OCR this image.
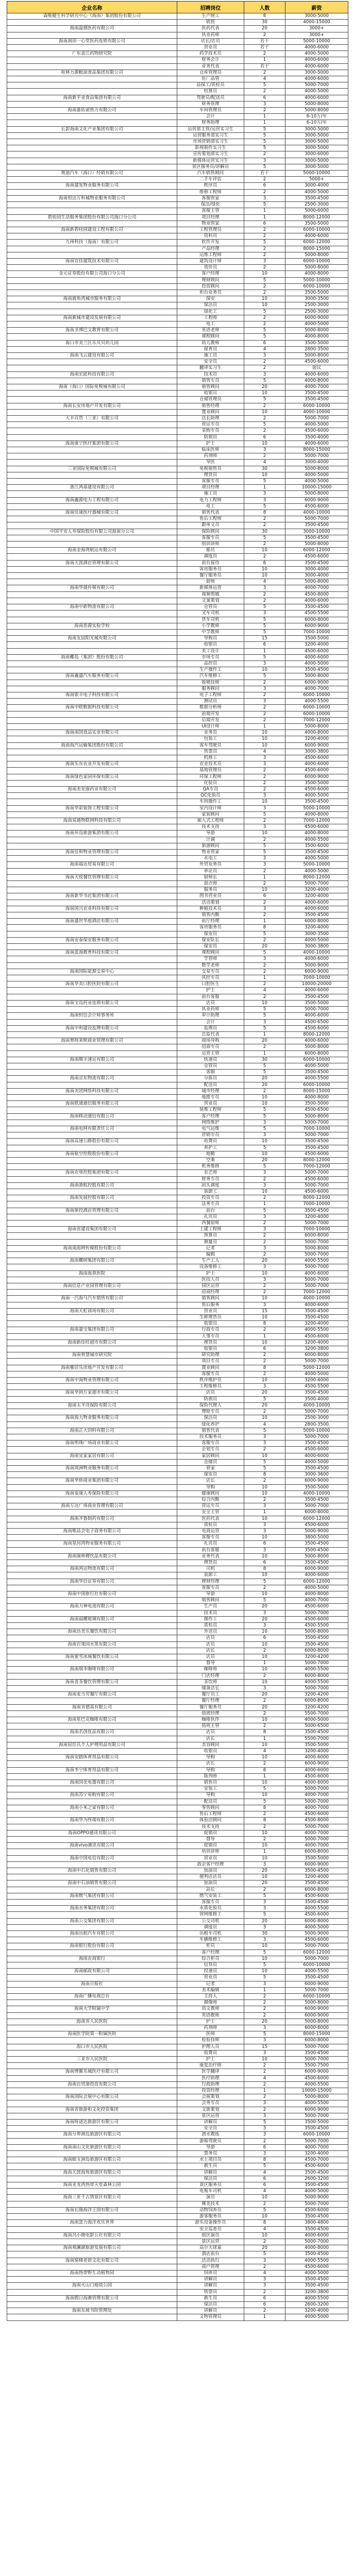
企业名称	招聘岗位	人数	薪资
森唯健生科学研究中心（海南）集团股份有限公司	生产统工	8	3000-5000
	销售	30	4000-15000
海南温德医药有限公司	医药代表	20	3000+
	执业药师	2	3000+
海南润田一心堂医药连锁有限公司	店长/店员	若干	5000-10000
	营业员	若干	4000-6000
广东喜江药物研究院	药学技术员	2	4000-5000
	财务会计	1	4000-6000
	业务代表	若干	4000-6000
桂林力源粮油食品集团有限公司	仓库管理员	2	3000-5000
	驻厂品管	4	4000-6000
	品保工/质检员	5	5000-7000
	结算员	2	4000-5000
海南新平业食品集团有限公司	驾驶员/配送员	6	4000-6000
	财务管理	3	5000-8000
海南嘉佑诺热力有限公司	车间管理员	2	5000-8000
	会计	1	6-10万/年
	财务助理	1	6-10万/年
长影海南文化产业集团有限公司	运营部主管/运营实习生	5	3000-5000
	运营服务部实习生	5	3000-5000
	市场营销部实习生	5	3000-5000
	影视制作实习生	5	3000-5000
	宣传策划部实习生	2	3000-6000
	新媒体运营实习生	3	3000-5000
	景区服务员/讲解员	5	3000-5000
奥迪汽车（海口）经销有限公司	汽车销售顾问	若干	5000-10000
	二手车评估	2	5000+
海南建发物业服务有限公司	秩序员	6	3000-4000
	维修工程师	2	4000-5000
海南恒达万科城物业服务有限公司	客服管家	3	3500-4500
	保洁/绿化	5	2500-3000
	客服主管	1	5000-6000
碧桂园生活服务集团股份有限公司海口分公司	项目经理	1	8000-12000
	物业管家	6	3500-5000
海南新碧桂园建设工程有限公司	工程管理员	2	6000-10000
	资料员	2	4000-6000
九州科技（海南）有限公司	软件开发	5	6000-12000
	产品经理	2	8000-15000
	运维工程师	2	5000-8000
海南宜佳建筑技术有限公司	建筑设计师	3	6000-10000
	造价员	2	5000-8000
金元证券股份有限公司海口分公司	客户经理	10	4000-8000
	理财顾问	5	5000-10000
	投资顾问	2	6000-10000
	柜台业务员	2	3500-5000
海南鹿角湾城市服务有限公司	保安	10	3000-3500
	保洁员	10	2500-3000
	绿化工	5	2500-3000
海南新城市建设发展有限公司	工程师	2	6000-9000
	电工	2	4000-5000
海南圣博巴文教育有限公司	英语老师	5	5000-8000
	课程顾问	5	4000-8000
海口市美兰区乐贝贝幼儿园	幼儿教师	6	3500-5000
	保育员	4	2800-3500
海南飞云建设有限公司	施工员	3	5000-8000
	安全员	2	4500-6000
	翻译实习生	2	面议
海南宏能科技有限公司	技术员	3	4000-6000
	销售专员	5	4000-8000
海南（海口）国际免税城有限公司	销售顾问	20	4000-7000
	收银员	10	3500-4500
	仓储管理员	5	3500-4500
海南长安房地产开发有限公司	销售经理	2	6000-10000
	置业顾问	10	4000-10000
大丰百货（三亚）有限公司	店长助理	2	5000-7000
	营运专员	5	4000-5000
	采购专员	2	4500-6000
	防损员	6	3500-4000
海南康宁医疗集团有限公司	护士	10	4000-6000
	临床医师	3	8000-15000
	药剂师	2	5000-7000
	导医	4	3000-4000
三亚国际免税城有限公司	免税销售员	30	5000-8000
	理货员	10	4000-5000
	客服专员	5	4000-5000
浙江鸿基建设有限公司	项目经理	1	10000-15000
	施工员	3	5000-8000
海南鑫源电力工程有限公司	电力工程师	3	6000-9000
	电工	5	4500-6000
海南佳康医疗器械有限公司	销售代表	8	4000-10000
	售后工程师	2	5000-7000
	跟单文员	2	3500-4500
中国平安人寿保险股份有限公司海南分公司	保险顾问	30	3000-10000
	客服专员	5	3500-4500
	组训讲师	2	5000-8000
海南金海湾航运有限公司	船员	10	6000-12000
	调度员	2	4500-6000
海南天涯酒店管理有限公司	前台接待	6	3500-4500
	客房服务员	10	3000-4000
	餐厅服务员	10	3000-4000
	厨师	4	5000-8000
海南华晟传媒有限公司	新媒体运营	3	4000-7000
	视频剪辑	2	4500-8000
	文案策划	2	4000-6000
海南中新物流有限公司	仓管员	5	3500-4500
	叉车司机	3	4500-5500
	货车司机	5	6000-8000
海南思源实验学校	小学教师	5	6000-9000
	中学教师	5	7000-10000
海南友谊阳光城有限公司	导购员	15	3500-5000
	收银员	6	3200-4000
	美工设计	1	4500-6000
海南椰岛（集团）股份有限公司	市场专员	5	4000-6000
	品控员	3	4000-5000
	生产操作工	10	3500-4500
海南鑫盛汽车服务有限公司	汽车维修工	5	5000-8000
	钣喷技师	2	6000-9000
	服务顾问	3	4000-7000
海南银丰电子科技有限公司	电子工程师	2	6000-10000
	测试员	3	4000-5500
海南中联数据科技有限公司	数据分析师	2	6000-10000
	前端开发	2	6000-10000
	后端开发	2	7000-12000
	UI设计师	1	5000-8000
海南南国食品实业有限公司	业务员	10	4000-8000
	包装工	10	3200-4000
海南海汽运输集团股份有限公司	客车驾驶员	10	6000-9000
	售票员	4	3000-3800
	机修工	3	4500-6000
海南乐东农业开发有限公司	农业技术员	3	4000-6000
	基地管理员	2	4500-6000
海南绿色家园环保有限公司	环保工程师	2	6000-9000
	化验员	2	3500-5000
海南美安康药业有限公司	QA专员	2	4500-6000
	QC化验员	3	4000-5000
	车间操作工	10	3500-4500
海南华彩装饰工程有限公司	室内设计师	3	5000-10000
	家装顾问	5	4000-8000
海南易通物联网科技有限公司	嵌入式工程师	2	7000-12000
	技术支持	3	4500-6000
海南环岛旅游集团有限公司	导游	10	4000-8000
	计调	2	4000-5500
	旅游顾问	5	3500-6000
海南佳和物业管理有限公司	物业管家	5	3500-4500
	水电工	3	4000-5000
海南福达贸易有限公司	外贸业务员	3	5000-10000
	单证员	2	4000-5000
海南天悦餐饮管理有限公司	厨师长	1	8000-12000
	面点师	2	5000-7000
	服务员	10	3200-4000
海南新华书店集团有限公司	图书营业员	6	3200-4000
	活动策划	2	4000-6000
海南国兴农业科技有限公司	种植技术员	3	4000-6000
	销售内勤	2	3500-4500
海南盛世华庭酒店有限公司	前厅经理	1	6000-8000
	客房服务员	8	3200-4000
	保安员	5	3000-3500
海南安泰保安服务有限公司	保安队长	2	4000-5000
	保安员	20	3000-3800
海南蓝海教育科技有限公司	课程顾问	5	4000-10000
	学管师	3	4000-6000
	数学老师	2	5000-9000
海南国际能源交易中心	交易专员	2	6000-9000
	风控专员	1	7000-10000
海南华美口腔医院有限公司	口腔医生	2	10000-20000
	护士	4	4000-6000
	前台客服	2	3500-4500
海南宝岛药业连锁有限公司	店员	10	3500-5000
	执业药师	5	5000-7000
海南恒信会计师事务所	审计助理	5	4000-6000
	会计	3	4500-6500
海南中和建设监理有限公司	监理员	5	4500-6000
	总监代表	1	8000-12000
海南奥特莱斯商业管理有限公司	商场导购	20	4000-6000
	招商专员	2	5000-8000
	运营主管	1	6000-8000
海南顺丰速运有限公司	快递员	30	6000-10000
	仓管员	5	4000-5000
	客服	5	3500-4500
海南京东物流有限公司	分拣员	20	4000-5500
	配送员	20	6000-10000
海南美团网络科技有限公司	城市经理	2	8000-15000
	地推专员	10	4000-8000
海南联通通信服务有限公司	营业员	10	3500-5000
	装维工程师	5	4500-6500
海南移动通信有限公司	客户经理	5	5000-8000
	网络维护	3	5000-7000
海南电网有限责任公司	电气运维	5	7000-10000
	营销专员	3	5000-7000
海南高速公路股份有限公司	收费员	10	3500-4500
	养护工	5	3500-4500
海南航空控股股份有限公司	地勤	10	4500-6000
	空乘	20	8000-12000
	机务维修	5	7000-12000
海南农垦控股集团有限公司	农艺师	3	5000-7000
	财务专员	2	4500-6000
海南港航控股有限公司	码头调度	3	5000-7000
	装卸工	10	4500-6000
海南发展控股有限公司	投资专员	2	8000-12000
	法务专员	1	7000-10000
海南旅投酒店管理有限公司	前台	5	3500-4500
	礼宾员	3	3200-4000
	西餐厨师	2	5000-7000
海南省建设集团有限公司	土建工程师	3	7000-10000
	预算员	2	6000-8000
	测量员	2	5000-7000
海南南海网传媒股份有限公司	记者	3	5000-8000
	编辑	2	5000-7000
海南椰树集团有限公司	生产工人	20	4000-5500
	设备维修工	3	5000-7000
海南海垦医院	护士	10	4000-6000
	医技人员	3	5000-7000
海南信息产业园管理有限公司	园区运营	2	5000-7000
	招商经理	2	7000-12000
海南一汽海马汽车销售有限公司	销售顾问	10	4000-10000
	售后服务	3	4000-6000
海南天虹商场有限公司	营业员	15	3500-4500
	生鲜理货员	10	3500-4500
	收银员	8	3200-4000
海南嘉宝集团有限公司	行政专员	2	4000-5500
	人事专员	1	4500-6000
海南新佳旺超市有限公司	理货员	10	3200-4000
	收银员	6	3200-3800
海南智慧城市研究院	研究助理	2	6000-8000
	项目专员	2	5000-7000
海南雅居乐房地产开发有限公司	置业顾问	8	5000-12000
	客服专员	2	4000-5000
海南中海物业管理有限公司	秩序维护员	10	3200-4000
	工程维修员	3	4500-5500
海南华润万家超市有限公司	店员	20	3500-4500
	防损员	5	3500-4000
海南太平洋保险有限公司	保险代理人	20	4000-10000
	理赔专员	2	5000-7000
海南海大物业服务有限公司	保洁员	10	2500-3000
	绿化养护	4	2800-3500
海南正大饲料有限公司	销售代表	5	5000-10000
	技术服务员	3	5000-7000
海南明珠广场商业有限公司	客服专员	3	3500-4500
	企划专员	2	4500-6000
海南宜家家居有限公司	家居顾问	10	4000-6000
	仓储员	5	4000-5000
海南鸿洲物业服务有限公司	管家	5	3500-4500
	保安员	8	3000-3600
海南华侨商业集团有限公司	店长	2	6000-9000
	导购	10	3500-5000
海南泰康人寿保险有限公司	健康顾问	10	4000-10000
	综合内勤	2	3500-4500
海南万达广场商业管理有限公司	营运专员	3	5000-7000
	安全主管	1	6000-8000
海南齐鲁制药有限公司	医药代表	10	6000-12000
	质检员	3	4500-6000
海南唯品会电子商务有限公司	电商运营	3	5000-9000
	客服专员	10	3800-5000
海南星河湾物业服务有限公司	礼宾员	6	3500-4500
	前台客服	3	3500-4500
海南康师傅饮品有限公司	业务代表	10	5000-8000
	理货员	6	3500-4500
海南鸿运物流有限公司	司机	8	6000-9000
	装卸工	10	4000-6000
海南华信证券有限公司	理财经理	5	6000-12000
	客服专员	2	4000-5000
海南中国旅行社有限公司	导游	10	4000-8000
	销售顾问	5	4000-7000
海南力神电池有限公司	生产员	20	4500-6000
	技术员	3	5000-7000
海南福耀玻璃有限公司	操作工	20	4500-6000
	质检员	3	4500-5500
海南达美乐餐饮有限公司	外送员	10	5000-8000
	店员	6	3500-4500
海南百果园水果有限公司	店员	10	3500-4500
	店长	2	6000-8000
海南蜜雪冰城餐饮有限公司	店员	10	3200-4200
	督导	1	5000-7000
海南瑞幸咖啡有限公司	咖啡师	10	4000-5500
	门店经理	2	6000-8000
海南喜茶餐饮管理有限公司	茶饮师	10	4000-5500
	储备店长	3	5000-7000
海南麦当劳餐厅有限公司	餐厅员工	20	3200-4200
	餐厅经理	2	6000-8000
海南肯德基有限公司	餐厅服务员	20	3200-4200
	值班经理	2	5500-7000
海南星巴克咖啡有限公司	咖啡伙伴	10	4000-5000
	值班主管	2	5000-6500
海南名创优品有限公司	店员	8	3500-4500
	店长	1	5500-7000
海南屈臣氏个人护理用品有限公司	美容顾问	10	3500-5000
	收银员	4	3200-4000
海南安踏体育用品有限公司	导购	10	4000-6000
	店长	2	6000-9000
海南李宁体育用品有限公司	导购	8	4000-6000
	陈列师	1	4500-6000
海南国美电器有限公司	销售员	10	4000-8000
	安装工	5	5000-7000
海南苏宁易购有限公司	导购	10	4000-7000
	配送员	5	5000-7000
海南小米之家有限公司	零售顾问	8	4000-7000
	售后工程师	2	4500-6000
海南华为终端有限公司	体验店顾问	8	4500-8000
	技术支持	2	5000-7000
海南OPPO通讯有限公司	促销员	10	4000-7000
	督导	2	5000-7000
海南vivo通讯有限公司	促销员	10	4000-7000
	培训讲师	1	6000-8000
海南中国电信有限公司	营业员	10	3500-5000
	政企客户经理	3	6000-9000
海南中石化销售有限公司	加油员	20	3500-4500
	便利店店员	10	3200-4000
海南中石油销售有限公司	加油员	20	3500-4500
	站长	2	6000-8000
海南燃气集团有限公司	燃气安装工	5	4500-6000
	客服专员	3	3500-4500
海南水务集团有限公司	水质化验员	3	4000-5500
	管网维修工	5	4500-6000
海南公交集团有限公司	公交司机	20	6000-8000
	调度员	3	4000-5000
海南出租汽车有限公司	出租车司机	30	5000-9000
	车辆维修工	3	4500-6000
海南银行股份有限公司	柜员	10	5000-7000
	客户经理	5	6000-12000
海南农商银行	综合柜员	10	5000-7000
	信贷员	5	6000-10000
海南邮政有限公司	投递员	10	4000-5500
	营业员	5	3500-4500
海南日报社	记者	3	6000-9000
	美术编辑	1	5000-7000
海南广播电视总台	主持人	2	6000-10000
	摄像师	2	5000-8000
海南大学附属中学	语文教师	2	6000-9000
	英语教师	2	6000-9000
海南省人民医院	护士	20	5000-8000
	药剂师	3	6000-8000
海南医学院第一附属医院	医师	5	8000-15000
	检验技师	3	6000-8000
海口市人民医院	护理人员	15	5000-7000
	收费员	3	3500-4500
三亚市人民医院	护士	10	5000-7000
	康复治疗师	2	5500-7500
海南博鳌乐城医疗有限公司	医学翻译	2	6000-9000
	医疗助理	4	4500-6000
海南自贸港投资有限公司	行政助理	2	4000-5500
	投资经理	1	10000-15000
海南国际会展中心有限公司	会展策划	2	5000-8000
	会务专员	3	4000-5500
海南省旅游和文化投资集团	文旅策划	2	6000-9000
	景区运营	3	5000-7000
海南呀诺达旅游区有限公司	讲解员	5	3500-5000
	安全员	3	3500-4500
海南分界洲岛旅游区有限公司	潜水教练	3	6000-10000
	游船驾驶员	2	5000-7000
海南南山文化旅游区有限公司	导游	6	4000-7000
	票务员	3	3200-4000
海南蜈支洲岛旅游区有限公司	水上项目员	8	4500-7000
	救生员	5	4500-6000
海南天涯海角旅游区有限公司	讲解员	4	3500-4500
	保洁员	6	2600-3200
海南亚龙湾热带天堂森林公园	景区服务员	6	3500-4500
	电瓶车司机	4	4000-5000
海南三亚千古情景区有限公司	演员	10	5000-9000
	舞美技术	2	5000-7000
海南长隆海洋王国有限公司	动物饲养员	5	4500-6000
	游客服务员	10	3500-4500
海南富力海洋欢乐世界	游乐设备操作员	8	3800-4800
	安全巡查员	4	3500-4500
海南冯小刚电影公社有限公司	街区演员	10	4000-6000
	景区运营	2	5000-7000
海南观澜湖旅游发展有限公司	高尔夫球童	20	4000-8000
	酒店前台	5	3500-4500
海南骑楼老街文化有限公司	活动执行	3	4000-5500
	商户管理	2	4500-6000
海南热带野生动植物园	饲养员	4	4000-5000
	讲解员	3	3500-4500
海南火山口地质公园	讲解员	3	3500-4500
	售票员	2	3200-3800
海南假日海滩管理有限公司	救生员	6	4000-5500
	保洁员	6	2600-3200
海南东坡书院管理处	讲解员	2	3200-4000
	文物管理员	1	4000-5000
